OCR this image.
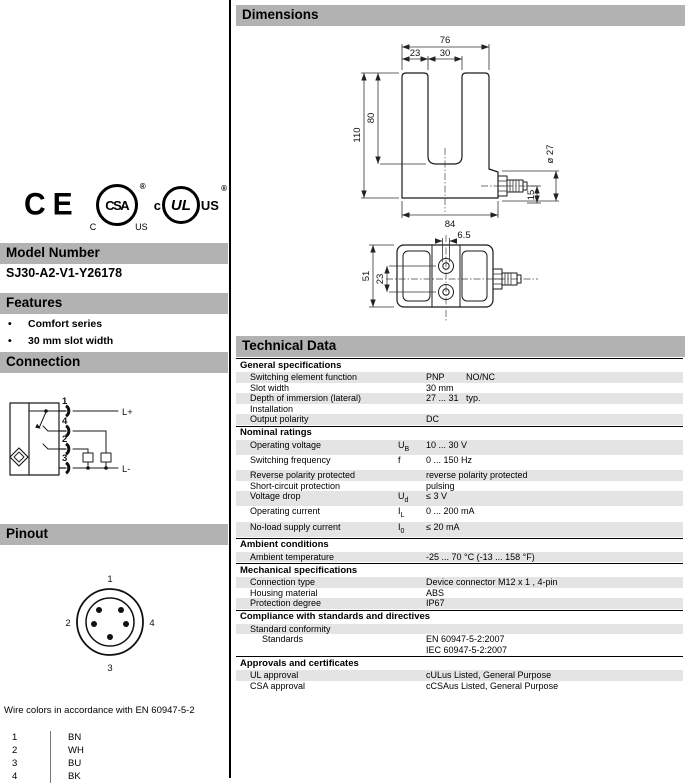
CE	CSA
®
C	US
c UL US
®
Model Number
SJ30-A2-V1-Y26178
Features
•	Comfort series
•	30 mm slot width
Connection
1
4
2
3
L+
L-
Pinout
1
2	4
3
Wire colors in accordance with EN 60947-5-2
1	BN
2	WH
3	BU
4	BK
Dimensions
76
23 30
110
80
84
15
ø 27
6.5
51 23
Technical Data
General specifications
Switching element function	PNP NO/NC
Slot width	30 mm
Depth of immersion (lateral)	27 ... 31 typ.
Installation
Output polarity	DC
Nominal ratings
Operating voltage	$U_B$	10 ... 30 V
Switching frequency	f	0 ... 150 Hz
Reverse polarity protected	reverse polarity protected
Short-circuit protection	pulsing
Voltage drop	$U_d$	≤ 3 V
Operating current	$I_L$	0 ... 200 mA
No-load supply current	$I_0$	≤ 20 mA
Ambient conditions
Ambient temperature	-25 ... 70 °C (-13 ... 158 °F)
Mechanical specifications
Connection type	Device connector M12 x 1 , 4-pin
Housing material	ABS
Protection degree	IP67
Compliance with standards and directives
Standard conformity
Standards	EN 60947-5-2:2007
IEC 60947-5-2:2007
Approvals and certificates
UL approval	cULus Listed, General Purpose
CSA approval	cCSAus Listed, General Purpose
